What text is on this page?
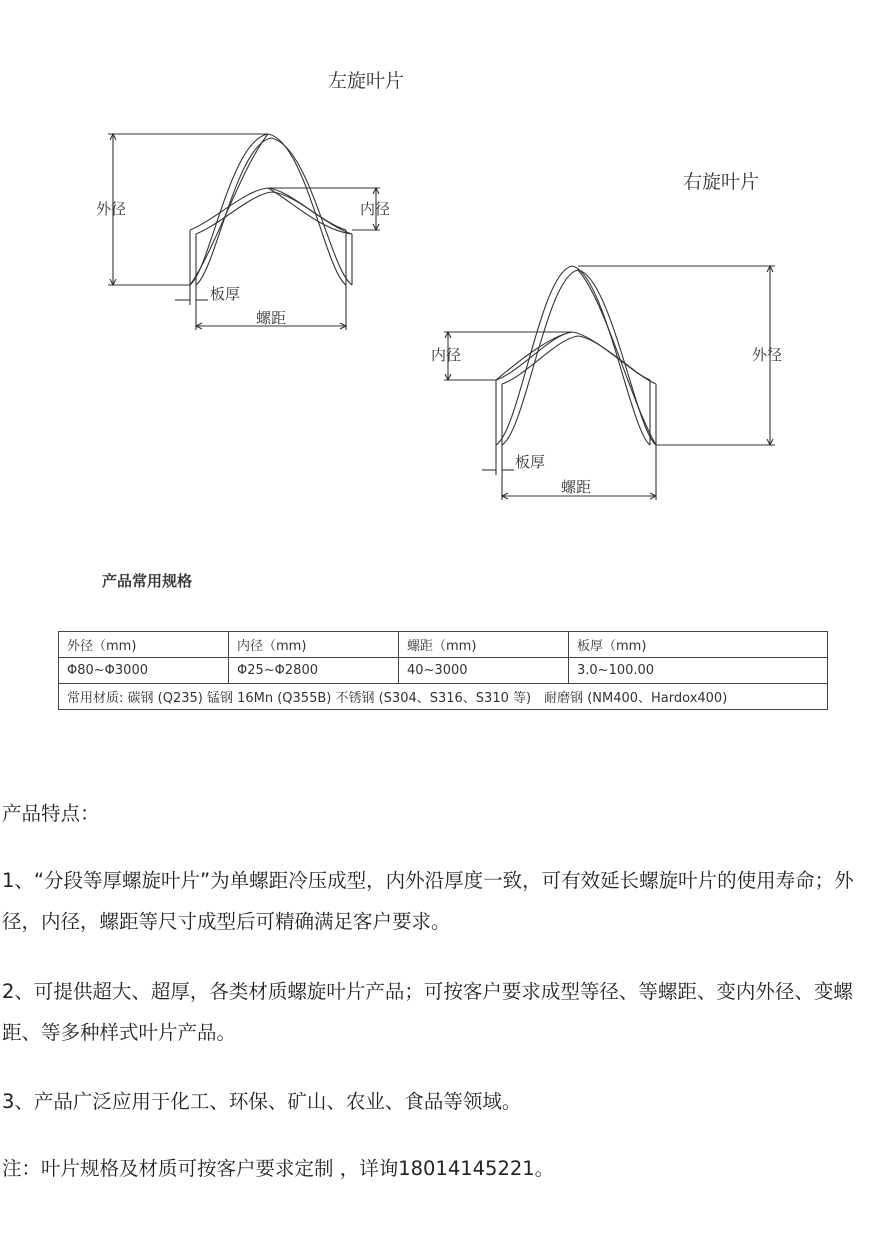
左旋叶片
外径	内径
板厚
螺距
右旋叶片
外径
内径
板厚
螺距
产品常用规格
外径（mm)	内径（mm)	螺距（mm)	板厚（mm)
Φ80~Φ3000	Φ25~Φ2800	40~3000	3.0~100.00
常用材质: 碳钢 (Q235) 锰钢 16Mn (Q355B) 不锈钢 (S304、S316、S310 等)　耐磨钢 (NM400、Hardox400)			
产品特点：
1、“分段等厚螺旋叶片”为单螺距冷压成型，内外沿厚度一致，可有效延长螺旋叶片的使用寿命；外径，内径，螺距等尺寸成型后可精确满足客户要求。
2、可提供超大、超厚，各类材质螺旋叶片产品；可按客户要求成型等径、等螺距、变内外径、变螺距、等多种样式叶片产品。
3、产品广泛应用于化工、环保、矿山、农业、食品等领域。
注：叶片规格及材质可按客户要求定制 ，详询18014145221。
